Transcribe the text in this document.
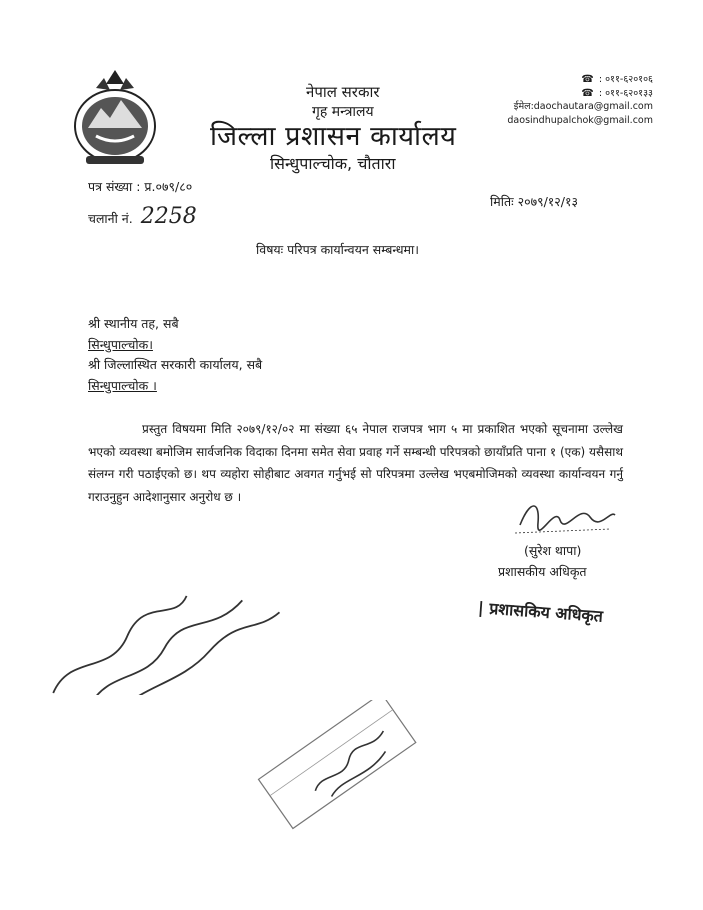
नेपाल सरकार
गृह मन्त्रालय
जिल्ला प्रशासन कार्यालय
सिन्धुपाल्चोक, चौतारा
☎ : ०११-६२०१०६
☎ : ०११-६२०१३३
ईमेल:daochautara@gmail.com
daosindhupalchok@gmail.com
पत्र संख्या : प्र.०७९/८०
चलानी नं. 2258
मितिः २०७९/१२/१३
विषयः परिपत्र कार्यान्वयन सम्बन्धमा।
श्री स्थानीय तह, सबै
सिन्धुपाल्चोक।
श्री जिल्लास्थित सरकारी कार्यालय, सबै
सिन्धुपाल्चोक ।

प्रस्तुत विषयमा मिति २०७९/१२/०२ मा संख्या ६५ नेपाल राजपत्र भाग ५ मा प्रकाशित भएको सूचनामा उल्लेख भएको व्यवस्था बमोजिम सार्वजनिक विदाका दिनमा समेत सेवा प्रवाह गर्ने सम्बन्धी परिपत्रको छायाँप्रति पाना १ (एक) यसैसाथ संलग्न गरी पठाईएको छ। थप व्यहोरा सोहीबाट अवगत गर्नुभई सो परिपत्रमा उल्लेख भएबमोजिमको व्यवस्था कार्यान्वयन गर्नु गराउनुहुन आदेशानुसार अनुरोध छ ।

(सुरेश थापा)
प्रशासकीय अधिकृत
| प्रशासकिय अधिकृत
